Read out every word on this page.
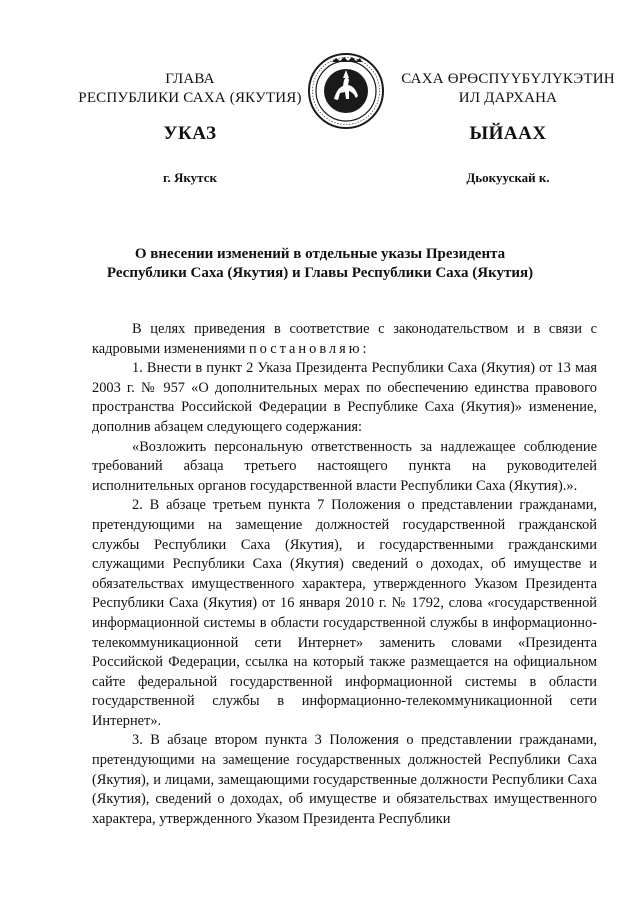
ГЛАВА
РЕСПУБЛИКИ САХА (ЯКУТИЯ)
САХА ӨРӨСПҮҮБҮЛҮКЭТИН
ИЛ ДАРХАНА
УКАЗ	ЫЙААХ
г. Якутск	Дьокуускай к.
О внесении изменений в отдельные указы Президента
Республики Саха (Якутия) и Главы Республики Саха (Якутия)

В целях приведения в соответствие с законодательством и в связи с кадровыми изменениями постановляю:

1. Внести в пункт 2 Указа Президента Республики Саха (Якутия) от 13 мая 2003 г. № 957 «О дополнительных мерах по обеспечению единства правового пространства Российской Федерации в Республике Саха (Якутия)» изменение, дополнив абзацем следующего содержания:

«Возложить персональную ответственность за надлежащее соблюдение требований абзаца третьего настоящего пункта на руководителей исполнительных органов государственной власти Республики Саха (Якутия).».

2. В абзаце третьем пункта 7 Положения о представлении гражданами, претендующими на замещение должностей государственной гражданской службы Республики Саха (Якутия), и государственными гражданскими служащими Республики Саха (Якутия) сведений о доходах, об имуществе и обязательствах имущественного характера, утвержденного Указом Президента Республики Саха (Якутия) от 16 января 2010 г. № 1792, слова «государственной информационной системы в области государственной службы в информационно-телекоммуникационной сети Интернет» заменить словами «Президента Российской Федерации, ссылка на который также размещается на официальном сайте федеральной государственной информационной системы в области государственной службы в информационно-телекоммуникационной сети Интернет».

3. В абзаце втором пункта 3 Положения о представлении гражданами, претендующими на замещение государственных должностей Республики Саха (Якутия), и лицами, замещающими государственные должности Республики Саха (Якутия), сведений о доходах, об имуществе и обязательствах имущественного характера, утвержденного Указом Президента Республики
